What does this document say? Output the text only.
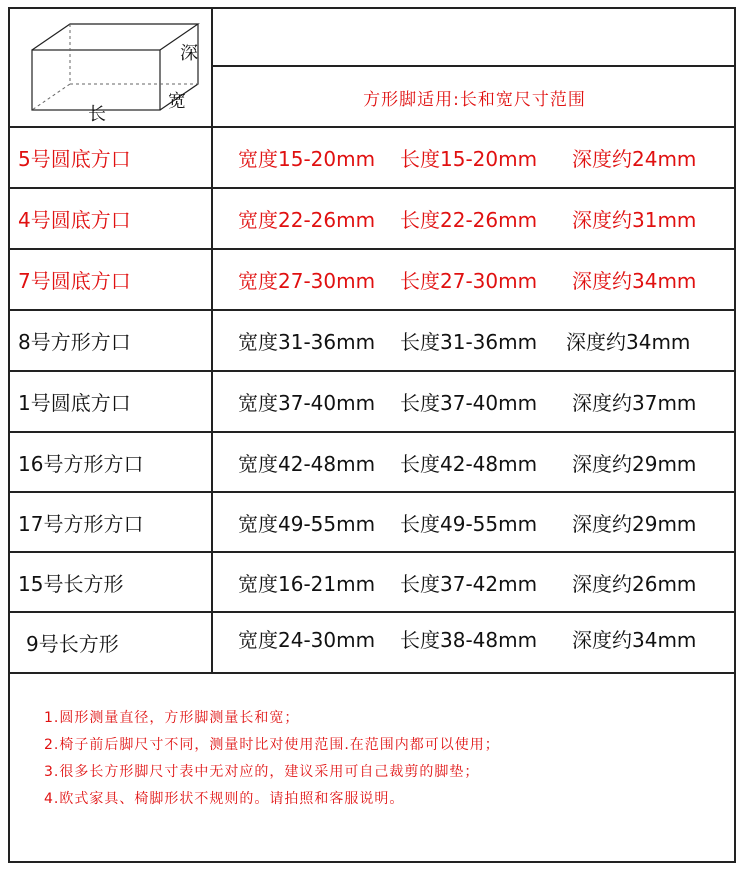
深
宽
长
方形脚适用:长和宽尺寸范围
5号圆底方口	宽度15-20mm	长度15-20mm	深度约24mm
4号圆底方口	宽度22-26mm	长度22-26mm	深度约31mm
7号圆底方口	宽度27-30mm	长度27-30mm	深度约34mm
8号方形方口	宽度31-36mm	长度31-36mm	深度约34mm
1号圆底方口	宽度37-40mm	长度37-40mm	深度约37mm
16号方形方口	宽度42-48mm	长度42-48mm	深度约29mm
17号方形方口	宽度49-55mm	长度49-55mm	深度约29mm
15号长方形	宽度16-21mm	长度37-42mm	深度约26mm
9号长方形	宽度24-30mm	长度38-48mm	深度约34mm
1.圆形测量直径，方形脚测量长和宽；
2.椅子前后脚尺寸不同，测量时比对使用范围.在范围内都可以使用；
3.很多长方形脚尺寸表中无对应的，建议采用可自己裁剪的脚垫；
4.欧式家具、椅脚形状不规则的。请拍照和客服说明。
